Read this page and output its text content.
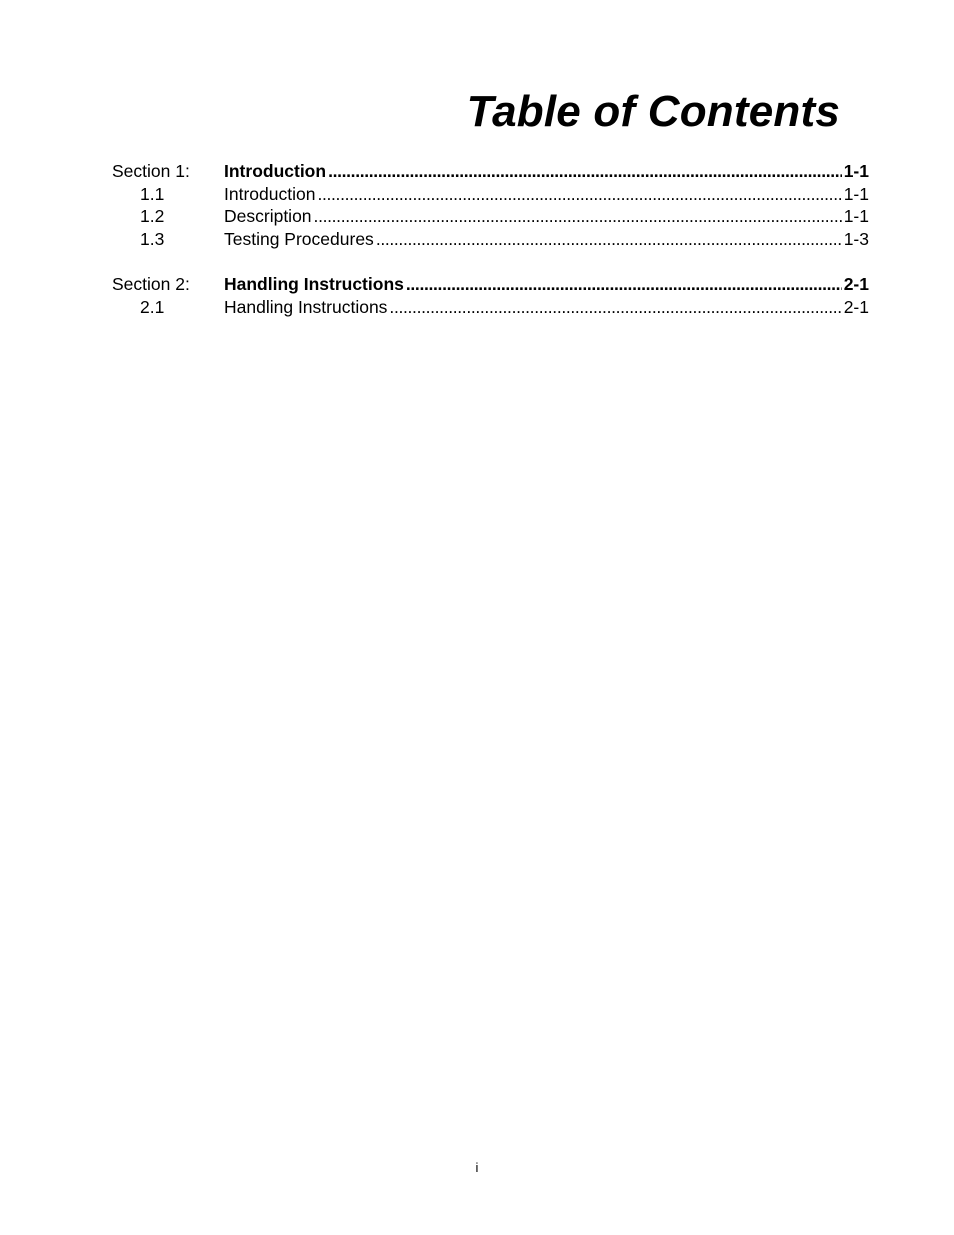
Table of Contents
Section 1:	Introduction . . .	1-1
1.1	Introduction . . .	1-1
1.2	Description . . .	1-1
1.3	Testing Procedures . . .	1-3
Section 2:	Handling Instructions . . .	2-1
2.1	Handling Instructions . . .	2-1
i
